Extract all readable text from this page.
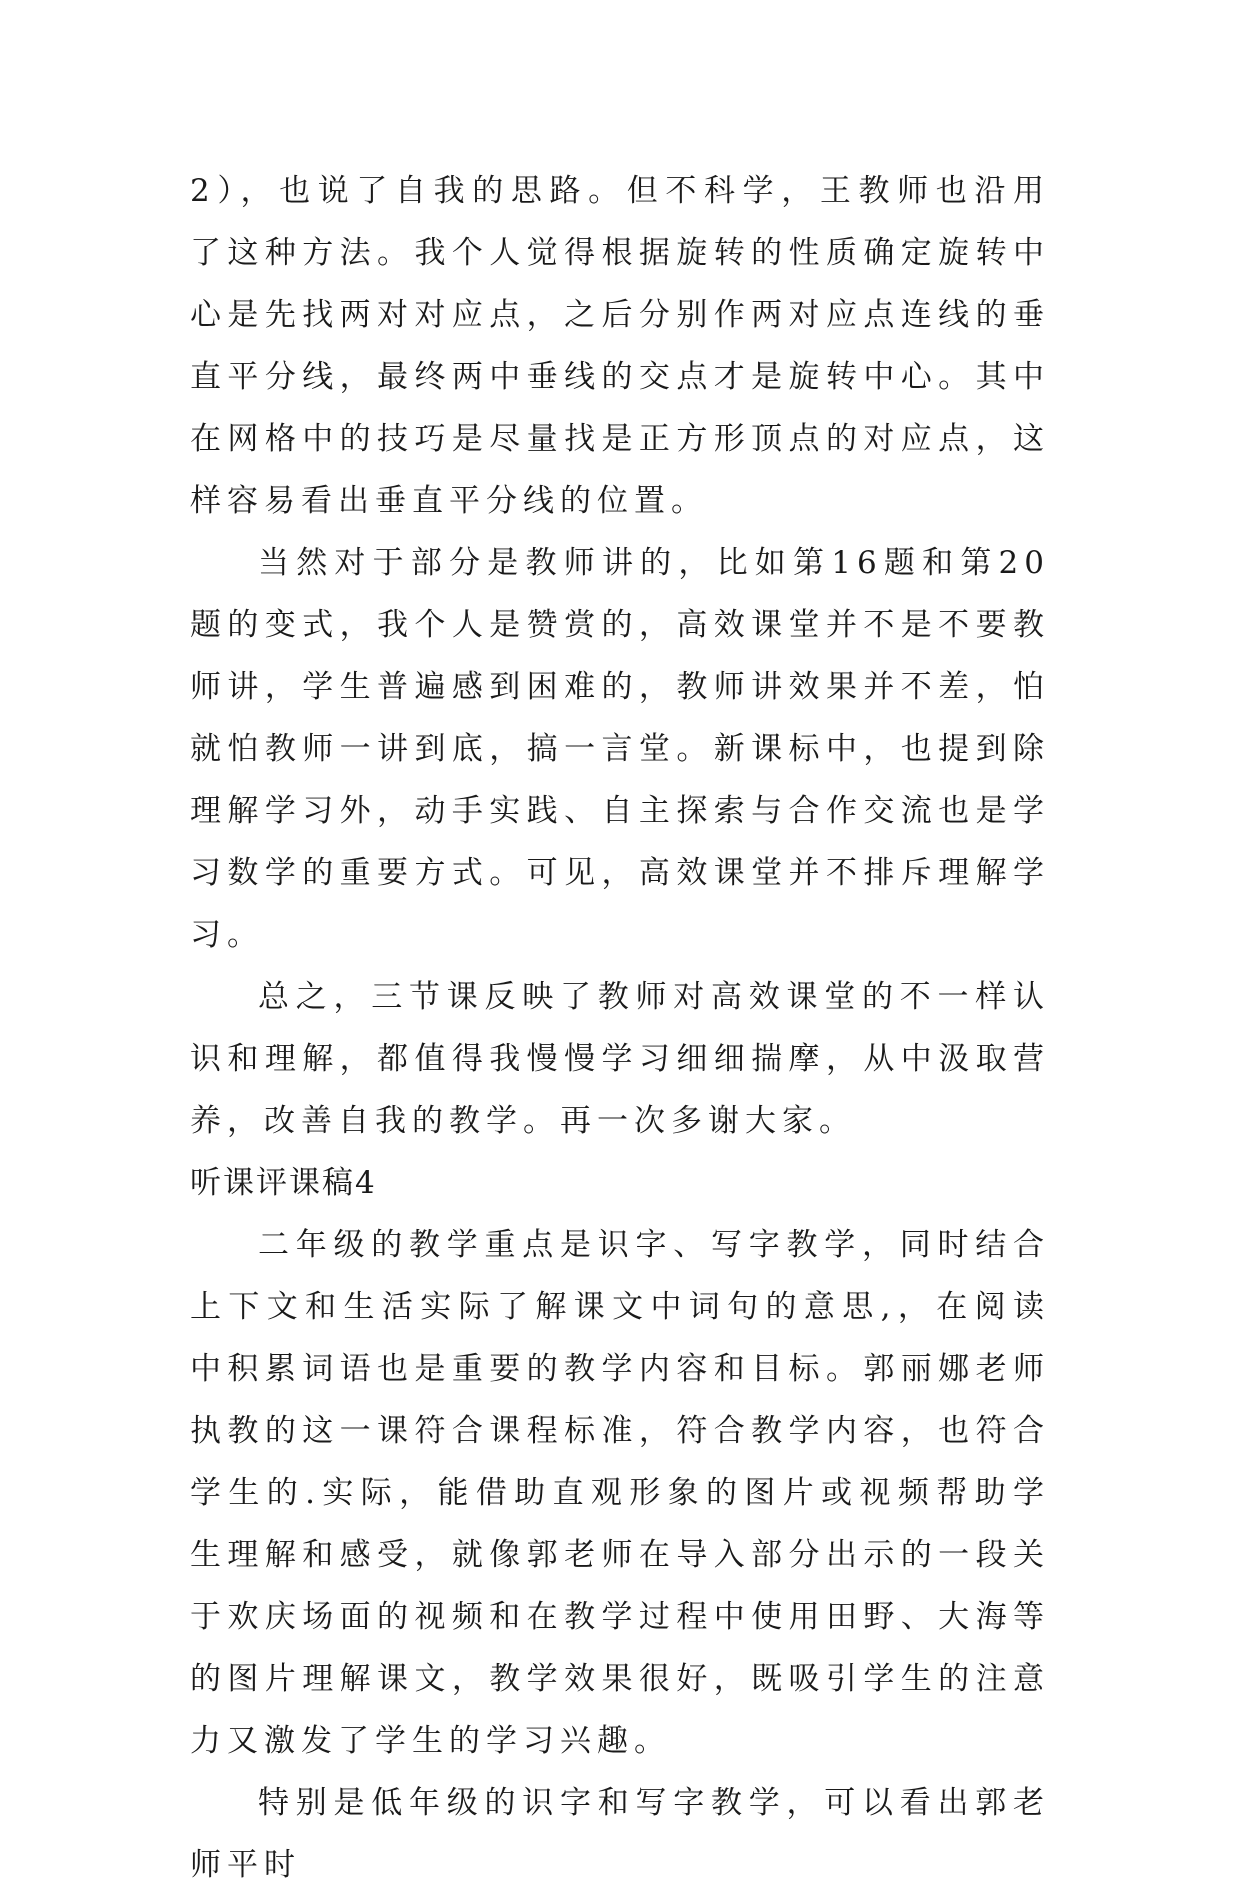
2），也说了自我的思路。但不科学，王教师也沿用了这种方法。我个人觉得根据旋转的性质确定旋转中心是先找两对对应点，之后分别作两对应点连线的垂直平分线，最终两中垂线的交点才是旋转中心。其中在网格中的技巧是尽量找是正方形顶点的对应点，这样容易看出垂直平分线的位置。

当然对于部分是教师讲的，比如第16题和第20题的变式，我个人是赞赏的，高效课堂并不是不要教师讲，学生普遍感到困难的，教师讲效果并不差，怕就怕教师一讲到底，搞一言堂。新课标中，也提到除理解学习外，动手实践、自主探索与合作交流也是学习数学的重要方式。可见，高效课堂并不排斥理解学习。

总之，三节课反映了教师对高效课堂的不一样认识和理解，都值得我慢慢学习细细揣摩，从中汲取营养，改善自我的教学。再一次多谢大家。

听课评课稿4

二年级的教学重点是识字、写字教学，同时结合上下文和生活实际了解课文中词句的意思,，在阅读中积累词语也是重要的教学内容和目标。郭丽娜老师执教的这一课符合课程标准，符合教学内容，也符合学生的.实际，能借助直观形象的图片或视频帮助学生理解和感受，就像郭老师在导入部分出示的一段关于欢庆场面的视频和在教学过程中使用田野、大海等的图片理解课文，教学效果很好，既吸引学生的注意力又激发了学生的学习兴趣。

特别是低年级的识字和写字教学，可以看出郭老师平时
